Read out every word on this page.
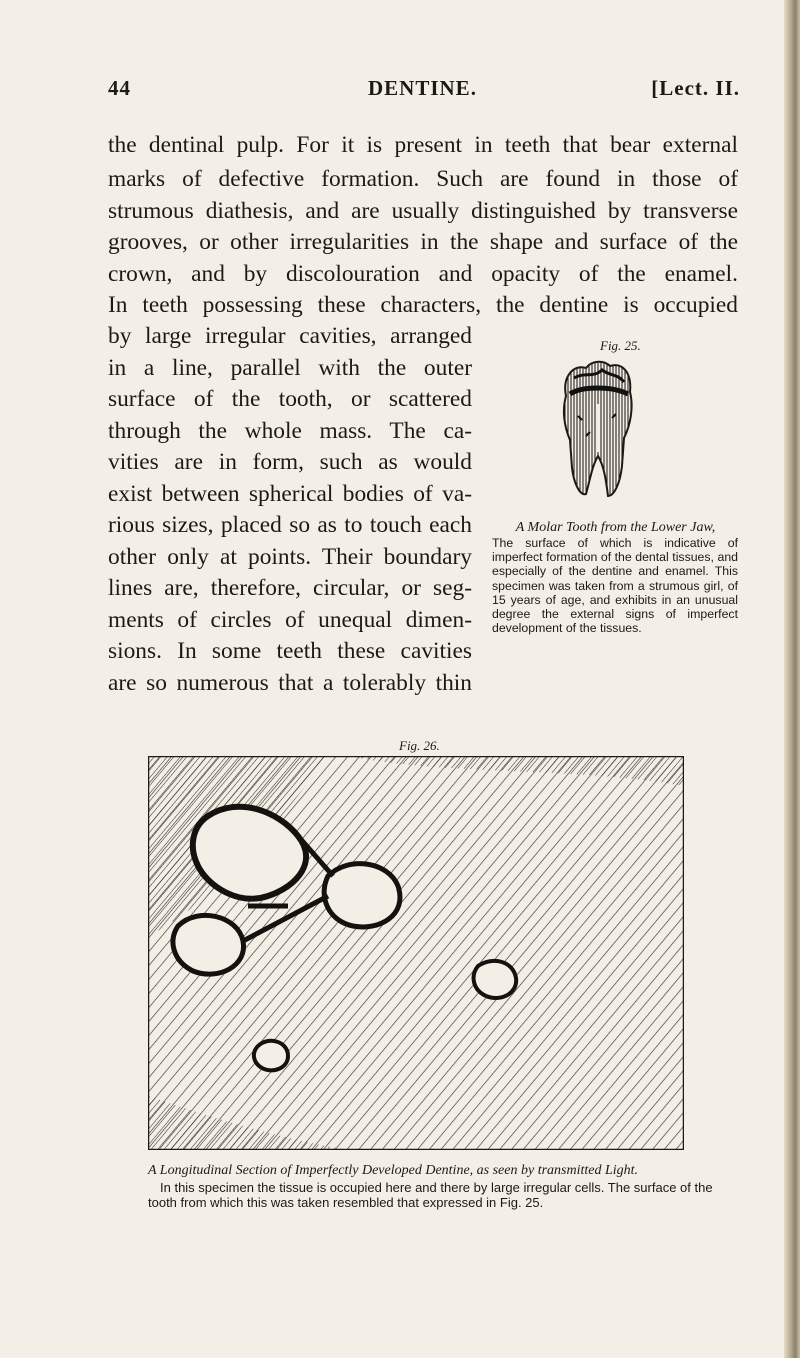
44	DENTINE.	[Lect. II.
the dentinal pulp. For it is present in teeth that bear external
marks of defective formation. Such are found in those of
strumous diathesis, and are usually distinguished by transverse
grooves, or other irregularities in the shape and surface of the
crown, and by discolouration and opacity of the enamel.
In teeth possessing these characters, the dentine is occupied
by large irregular cavities, arranged
in a line, parallel with the outer
surface of the tooth, or scattered
through the whole mass. The ca-
vities are in form, such as would
exist between spherical bodies of va-
rious sizes, placed so as to touch each
other only at points. Their boundary
lines are, therefore, circular, or seg-
ments of circles of unequal dimen-
sions. In some teeth these cavities
are so numerous that a tolerably thin
Fig. 25.
A Molar Tooth from the Lower Jaw,
The surface of which is indicative of imperfect formation of the dental tissues, and especially of the dentine and enamel. This specimen was taken from a strumous girl, of 15 years of age, and exhibits in an unusual degree the external signs of imperfect development of the tissues.
Fig. 26.
A Longitudinal Section of Imperfectly Developed Dentine, as seen by transmitted Light.
In this specimen the tissue is occupied here and there by large irregular cells. The surface of the tooth from which this was taken resembled that expressed in Fig. 25.
